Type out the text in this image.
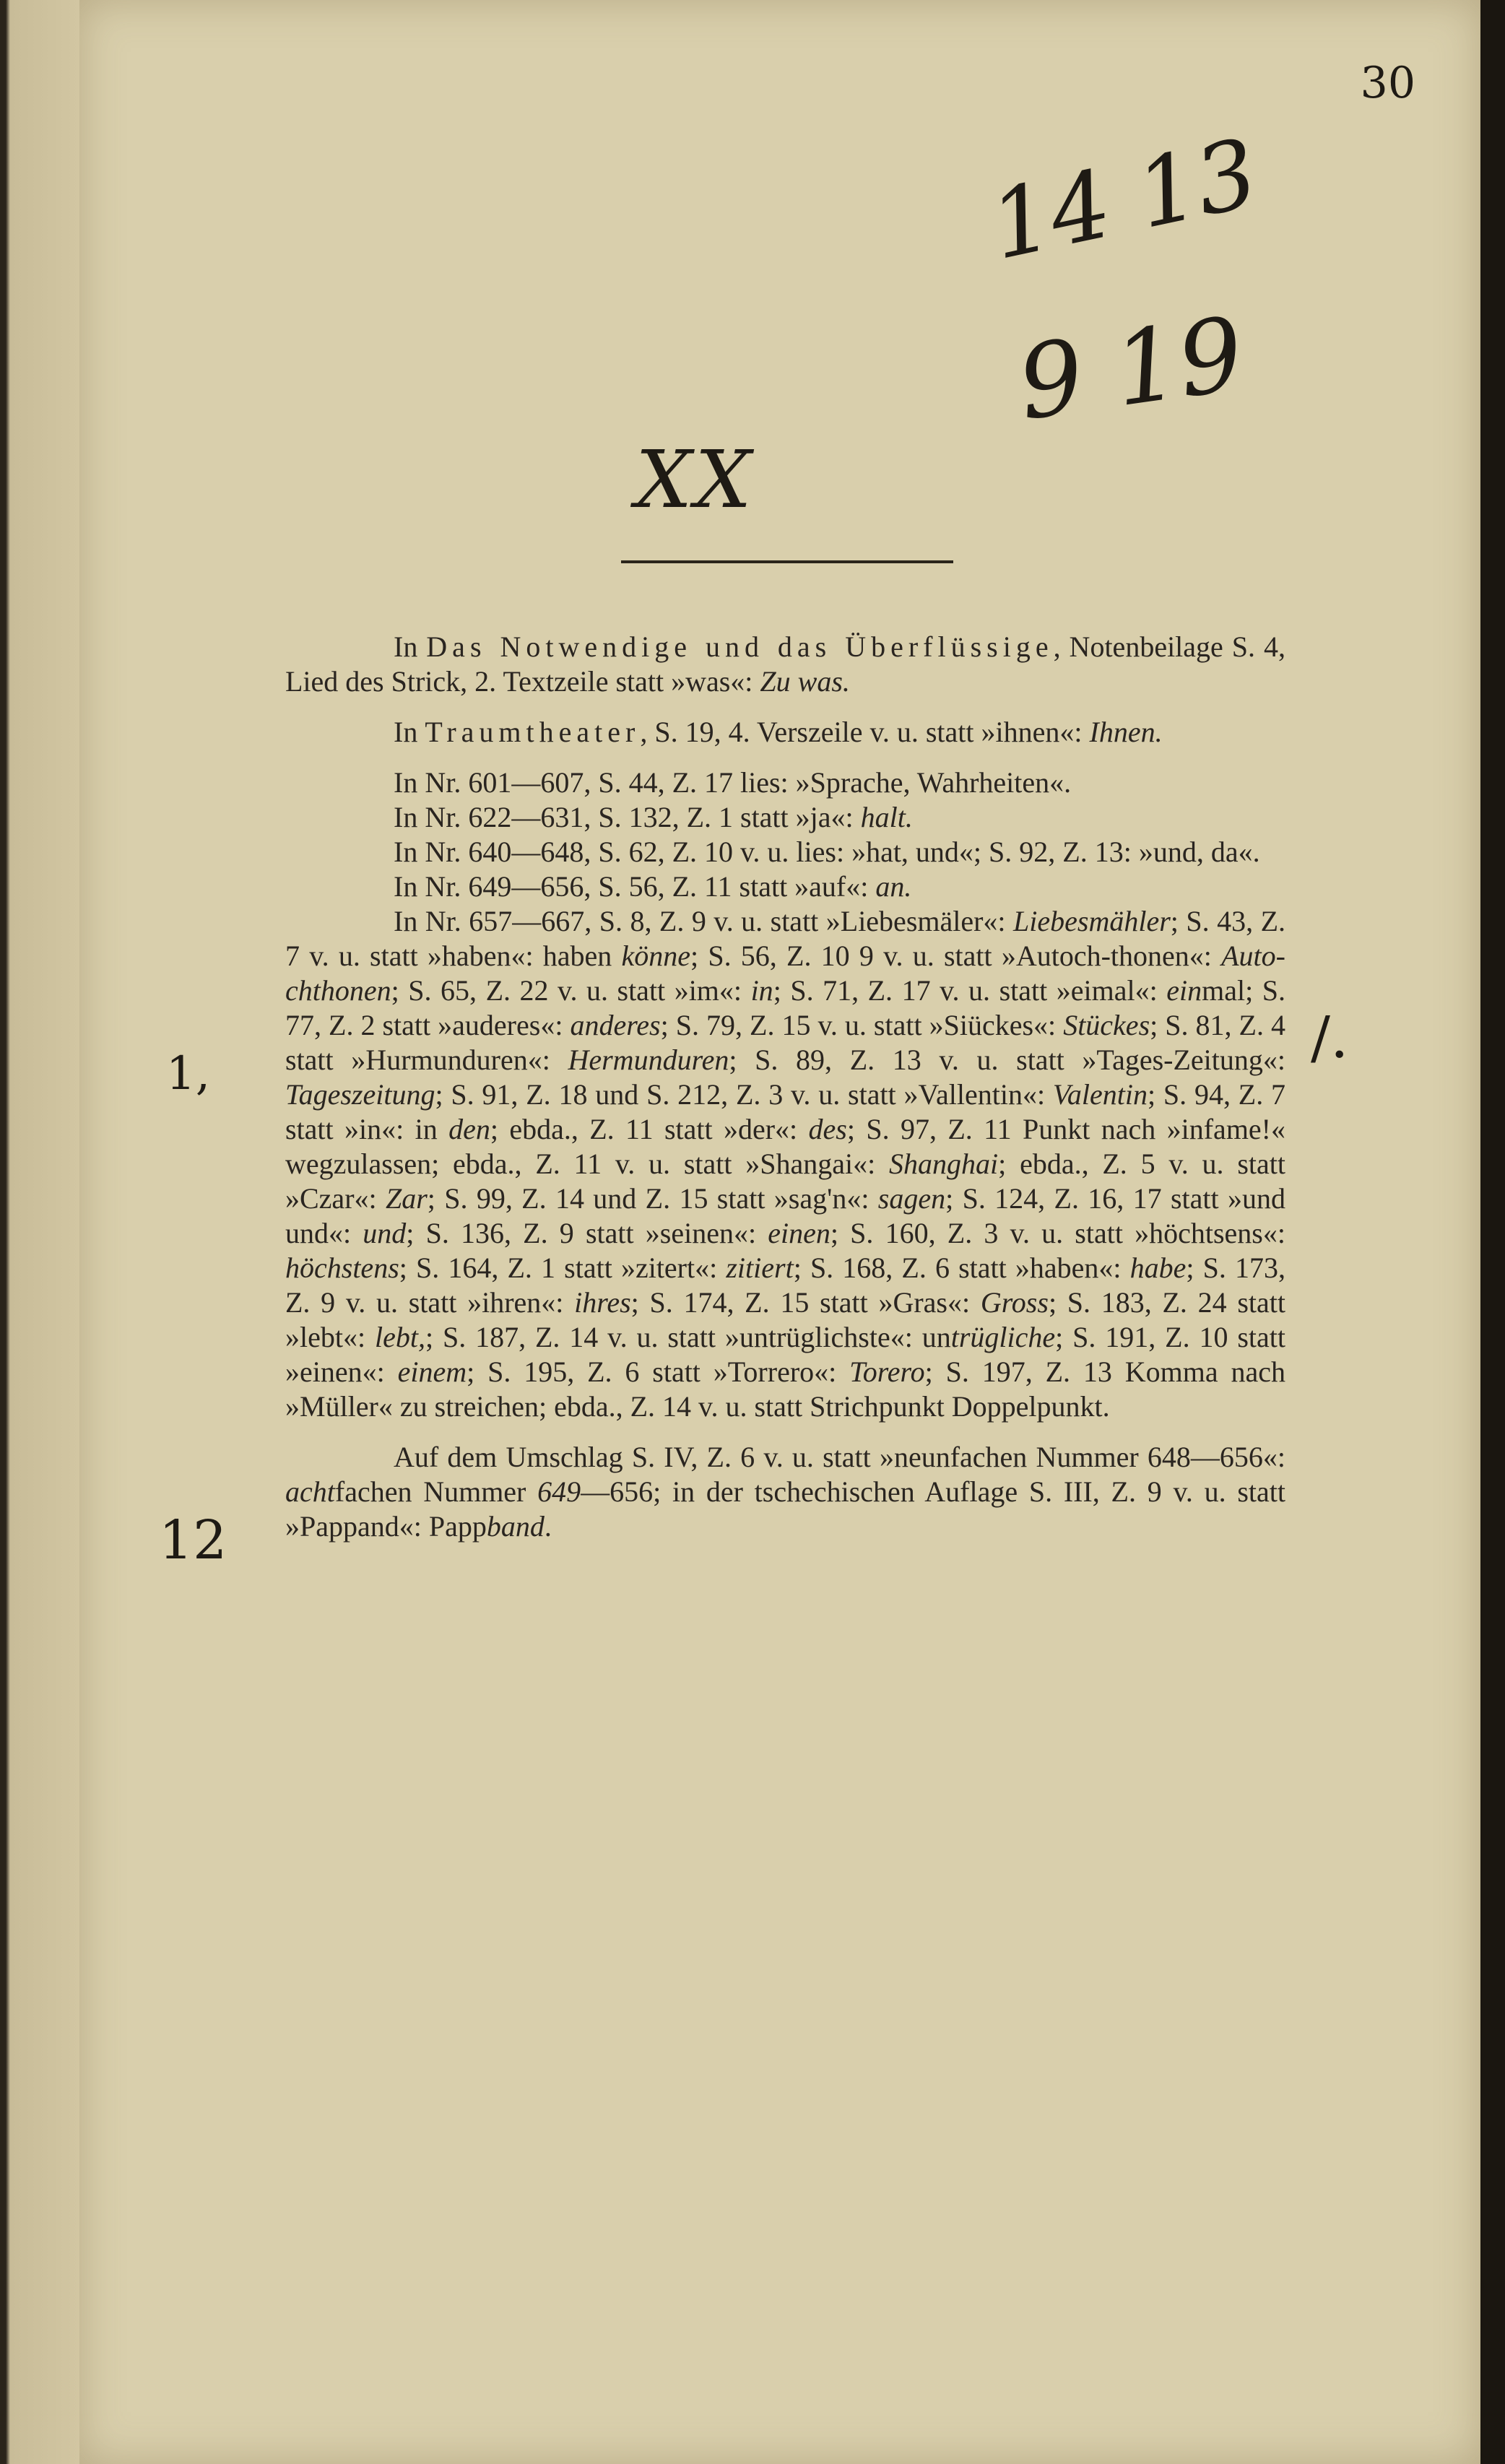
30
14 13
9 19
XX
1,
12
/.

In Das Notwendige und das Überflüssige, Notenbeilage S. 4, Lied des Strick, 2. Textzeile statt »was«: Zu was.

In Traumtheater, S. 19, 4. Verszeile v. u. statt »ihnen«: Ihnen.

In Nr. 601—607, S. 44, Z. 17 lies: »Sprache, Wahrheiten«.

In Nr. 622—631, S. 132, Z. 1 statt »ja«: halt.

In Nr. 640—648, S. 62, Z. 10 v. u. lies: »hat, und«; S. 92, Z. 13: »und, da«.

In Nr. 649—656, S. 56, Z. 11 statt »auf«: an.

In Nr. 657—667, S. 8, Z. 9 v. u. statt »Liebesmäler«: Liebesmähler; S. 43, Z. 7 v. u. statt »haben«: haben könne; S. 56, Z. 10 9 v. u. statt »Autoch-thonen«: Auto-chthonen; S. 65, Z. 22 v. u. statt »im«: in; S. 71, Z. 17 v. u. statt »eimal«: einmal; S. 77, Z. 2 statt »auderes«: anderes; S. 79, Z. 15 v. u. statt »Siückes«: Stückes; S. 81, Z. 4 statt »Hurmunduren«: Hermunduren; S. 89, Z. 13 v. u. statt »Tages-Zeitung«: Tageszeitung; S. 91, Z. 18 und S. 212, Z. 3 v. u. statt »Vallentin«: Valentin; S. 94, Z. 7 statt »in«: in den; ebda., Z. 11 statt »der«: des; S. 97, Z. 11 Punkt nach »infame!« wegzulassen; ebda., Z. 11 v. u. statt »Shangai«: Shanghai; ebda., Z. 5 v. u. statt »Czar«: Zar; S. 99, Z. 14 und Z. 15 statt »sag'n«: sagen; S. 124, Z. 16, 17 statt »und und«: und; S. 136, Z. 9 statt »seinen«: einen; S. 160, Z. 3 v. u. statt »höchtsens«: höchstens; S. 164, Z. 1 statt »zitert«: zitiert; S. 168, Z. 6 statt »haben«: habe; S. 173, Z. 9 v. u. statt »ihren«: ihres; S. 174, Z. 15 statt »Gras«: Gross; S. 183, Z. 24 statt »lebt«: lebt,; S. 187, Z. 14 v. u. statt »untrüglichste«: untrügliche; S. 191, Z. 10 statt »einen«: einem; S. 195, Z. 6 statt »Torrero«: Torero; S. 197, Z. 13 Komma nach »Müller« zu streichen; ebda., Z. 14 v. u. statt Strichpunkt Doppelpunkt.

Auf dem Umschlag S. IV, Z. 6 v. u. statt »neunfachen Nummer 648—656«: achtfachen Nummer 649—656; in der tschechischen Auflage S. III, Z. 9 v. u. statt »Pappand«: Pappband.
